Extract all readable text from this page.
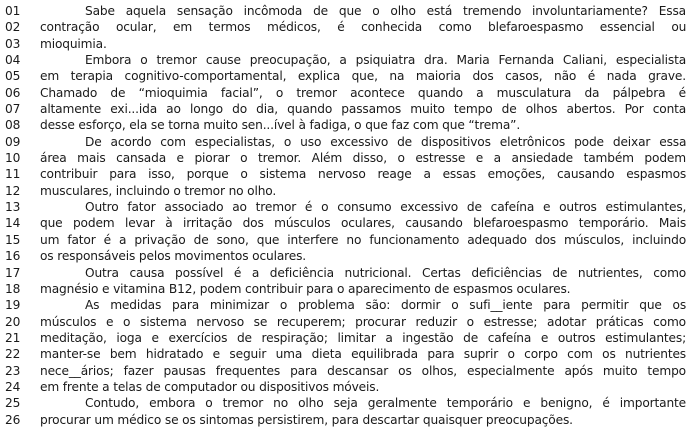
01	Sabe aquela sensação incômoda de que o olho está tremendo involuntariamente? Essa
02	contração ocular, em termos médicos, é conhecida como blefaroespasmo essencial ou
03	mioquimia.
04	Embora o tremor cause preocupação, a psiquiatra dra. Maria Fernanda Caliani, especialista
05	em terapia cognitivo-comportamental, explica que, na maioria dos casos, não é nada grave.
06	Chamado de “mioquimia facial”, o tremor acontece quando a musculatura da pálpebra é
07	altamente exi...ida ao longo do dia, quando passamos muito tempo de olhos abertos. Por conta
08	desse esforço, ela se torna muito sen...ível à fadiga, o que faz com que “trema”.
09	De acordo com especialistas, o uso excessivo de dispositivos eletrônicos pode deixar essa
10	área mais cansada e piorar o tremor. Além disso, o estresse e a ansiedade também podem
11	contribuir para isso, porque o sistema nervoso reage a essas emoções, causando espasmos
12	musculares, incluindo o tremor no olho.
13	Outro fator associado ao tremor é o consumo excessivo de cafeína e outros estimulantes,
14	que podem levar à irritação dos músculos oculares, causando blefaroespasmo temporário. Mais
15	um fator é a privação de sono, que interfere no funcionamento adequado dos músculos, incluindo
16	os responsáveis pelos movimentos oculares.
17	Outra causa possível é a deficiência nutricional. Certas deficiências de nutrientes, como
18	magnésio e vitamina B12, podem contribuir para o aparecimento de espasmos oculares.
19	As medidas para minimizar o problema são: dormir o sufi__iente para permitir que os
20	músculos e o sistema nervoso se recuperem; procurar reduzir o estresse; adotar práticas como
21	meditação, ioga e exercícios de respiração; limitar a ingestão de cafeína e outros estimulantes;
22	manter-se bem hidratado e seguir uma dieta equilibrada para suprir o corpo com os nutrientes
23	nece__ários; fazer pausas frequentes para descansar os olhos, especialmente após muito tempo
24	em frente a telas de computador ou dispositivos móveis.
25	Contudo, embora o tremor no olho seja geralmente temporário e benigno, é importante
26	procurar um médico se os sintomas persistirem, para descartar quaisquer preocupações.
